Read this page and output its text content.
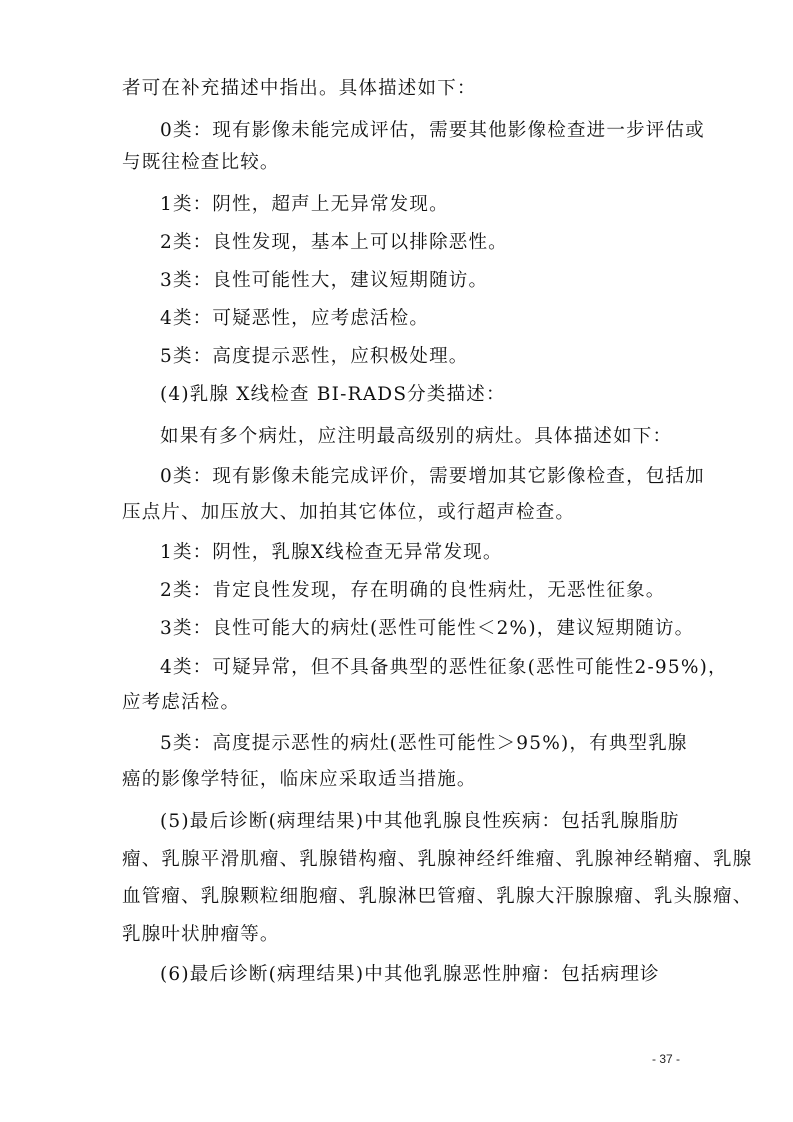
者可在补充描述中指出。具体描述如下：
0类：现有影像未能完成评估，需要其他影像检查进一步评估或
与既往检查比较。
1类：阴性，超声上无异常发现。
2类：良性发现，基本上可以排除恶性。
3类：良性可能性大，建议短期随访。
4类：可疑恶性，应考虑活检。
5类：高度提示恶性，应积极处理。
(4)乳腺 X线检查 BI-RADS分类描述：
如果有多个病灶，应注明最高级别的病灶。具体描述如下：
0类：现有影像未能完成评价，需要增加其它影像检查，包括加
压点片、加压放大、加拍其它体位，或行超声检查。
1类：阴性，乳腺X线检查无异常发现。
2类：肯定良性发现，存在明确的良性病灶，无恶性征象。
3类：良性可能大的病灶(恶性可能性＜2%)，建议短期随访。
4类：可疑异常，但不具备典型的恶性征象(恶性可能性2-95%)，
应考虑活检。
5类：高度提示恶性的病灶(恶性可能性＞95%)，有典型乳腺
癌的影像学特征，临床应采取适当措施。
(5)最后诊断(病理结果)中其他乳腺良性疾病：包括乳腺脂肪
瘤、乳腺平滑肌瘤、乳腺错构瘤、乳腺神经纤维瘤、乳腺神经鞘瘤、乳腺
血管瘤、乳腺颗粒细胞瘤、乳腺淋巴管瘤、乳腺大汗腺腺瘤、乳头腺瘤、
乳腺叶状肿瘤等。
(6)最后诊断(病理结果)中其他乳腺恶性肿瘤：包括病理诊
- 37 -
